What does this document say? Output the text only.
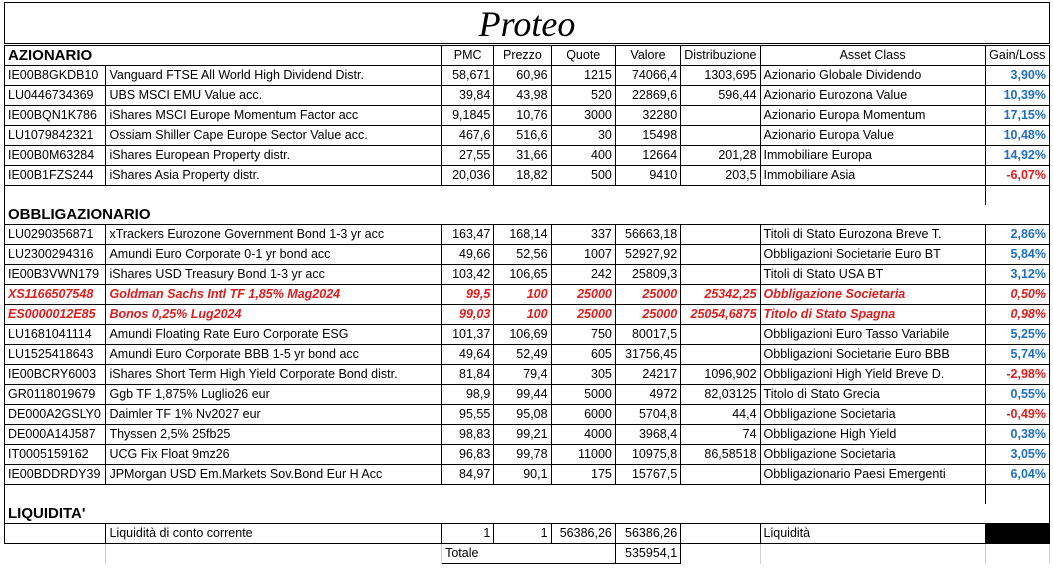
Proteo
AZIONARIO		PMC	Prezzo	Quote	Valore	Distribuzione	Asset Class	Gain/Loss
IE00B8GKDB10	Vanguard FTSE All World High Dividend Distr.	58,671	60,96	1215	74066,4	1303,695	Azionario Globale Dividendo	3,90%
LU0446734369	UBS MSCI EMU Value acc.	39,84	43,98	520	22869,6	596,44	Azionario Eurozona Value	10,39%
IE00BQN1K786	iShares MSCI Europe Momentum Factor acc	9,1845	10,76	3000	32280		Azionario Europa Momentum	17,15%
LU1079842321	Ossiam Shiller Cape Europe Sector Value acc.	467,6	516,6	30	15498		Azionario Europa Value	10,48%
IE00B0M63284	iShares European Property distr.	27,55	31,66	400	12664	201,28	Immobiliare Europa	14,92%
IE00B1FZS244	iShares Asia Property distr.	20,036	18,82	500	9410	203,5	Immobiliare Asia	-6,07%

OBBLIGAZIONARIO								
LU0290356871	xTrackers Eurozone Government Bond 1-3 yr acc	163,47	168,14	337	56663,18		Titoli di Stato Eurozona Breve T.	2,86%
LU2300294316	Amundi Euro Corporate 0-1 yr bond acc	49,66	52,56	1007	52927,92		Obbligazioni Societarie Euro BT	5,84%
IE00B3VWN179	iShares USD Treasury Bond 1-3 yr acc	103,42	106,65	242	25809,3		Titoli di Stato USA BT	3,12%
XS1166507548	Goldman Sachs Intl TF 1,85% Mag2024	99,5	100	25000	25000	25342,25	Obbligazione Societaria	0,50%
ES0000012E85	Bonos 0,25% Lug2024	99,03	100	25000	25000	25054,6875	Titolo di Stato Spagna	0,98%
LU1681041114	Amundi Floating Rate Euro Corporate ESG	101,37	106,69	750	80017,5		Obbligazioni Euro Tasso Variabile	5,25%
LU1525418643	Amundi Euro Corporate BBB 1-5 yr bond acc	49,64	52,49	605	31756,45		Obbligazioni Societarie Euro BBB	5,74%
IE00BCRY6003	iShares Short Term High Yield Corporate Bond distr.	81,84	79,4	305	24217	1096,902	Obbligazioni High Yield Breve D.	-2,98%
GR0118019679	Ggb TF 1,875% Luglio26 eur	98,9	99,44	5000	4972	82,03125	Titolo di Stato Grecia	0,55%
DE000A2GSLY0	Daimler TF 1% Nv2027 eur	95,55	95,08	6000	5704,8	44,4	Obbligazione Societaria	-0,49%
DE000A14J587	Thyssen 2,5% 25fb25	98,83	99,21	4000	3968,4	74	Obbligazione High Yield	0,38%
IT0005159162	UCG Fix Float 9mz26	96,83	99,78	11000	10975,8	86,58518	Obbligazione Societaria	3,05%
IE00BDDRDY39	JPMorgan USD Em.Markets Sov.Bond Eur H Acc	84,97	90,1	175	15767,5		Obbligazionario Paesi Emergenti	6,04%

LIQUIDITA'								
	Liquidità di conto corrente	1	1	56386,26	56386,26		Liquidità	
		Totale			535954,1			
